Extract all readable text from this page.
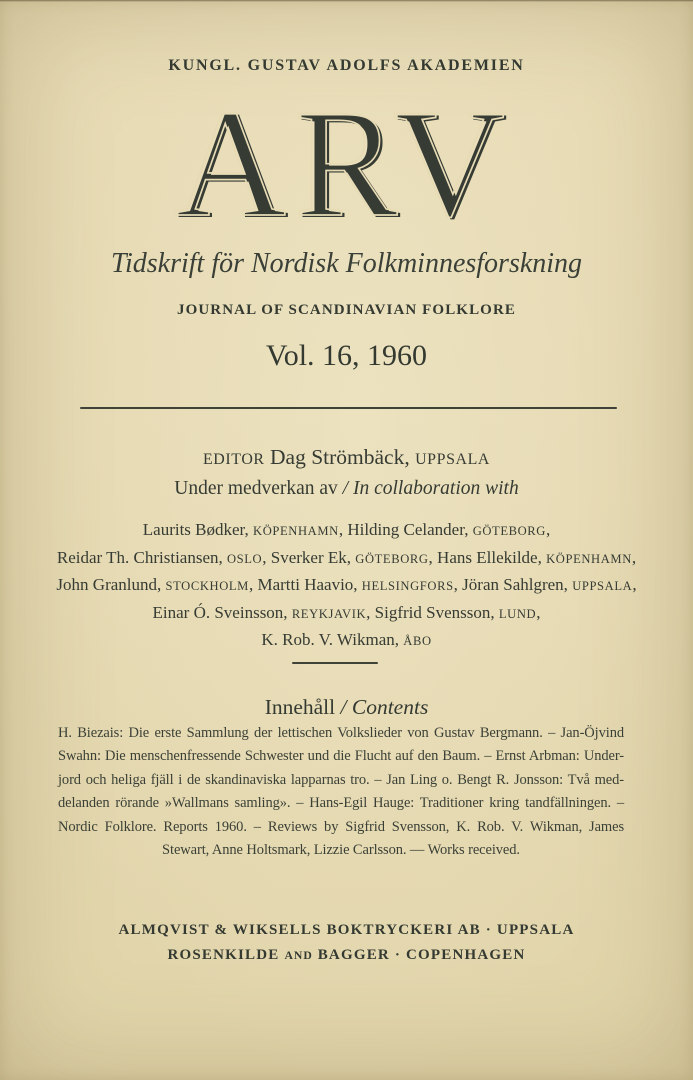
KUNGL. GUSTAV ADOLFS AKADEMIEN
ARV ARV
Tidskrift för Nordisk Folkminnesforskning
JOURNAL OF SCANDINAVIAN FOLKLORE
Vol. 16, 1960
EDITOR Dag Strömbäck, UPPSALA
Under medverkan av / In collaboration with
Laurits Bødker, KÖPENHAMN, Hilding Celander, GÖTEBORG,
Reidar Th. Christiansen, OSLO, Sverker Ek, GÖTEBORG, Hans Ellekilde, KÖPENHAMN,
John Granlund, STOCKHOLM, Martti Haavio, HELSINGFORS, Jöran Sahlgren, UPPSALA,
Einar Ó. Sveinsson, REYKJAVIK, Sigfrid Svensson, LUND,
K. Rob. V. Wikman, ÅBO
Innehåll / Contents
H. Biezais: Die erste Sammlung der lettischen Volkslieder von Gustav Bergmann. – Jan-Öjvind
Swahn: Die menschenfressende Schwester und die Flucht auf den Baum. – Ernst Arbman: Under-
jord och heliga fjäll i de skandinaviska lapparnas tro. – Jan Ling o. Bengt R. Jonsson: Två med-
delanden rörande »Wallmans samling». – Hans-Egil Hauge: Traditioner kring tandfällningen. –
Nordic Folklore. Reports 1960. – Reviews by Sigfrid Svensson, K. Rob. V. Wikman, James
Stewart, Anne Holtsmark, Lizzie Carlsson. — Works received.
ALMQVIST & WIKSELLS BOKTRYCKERI AB · UPPSALA
ROSENKILDE AND BAGGER · COPENHAGEN
